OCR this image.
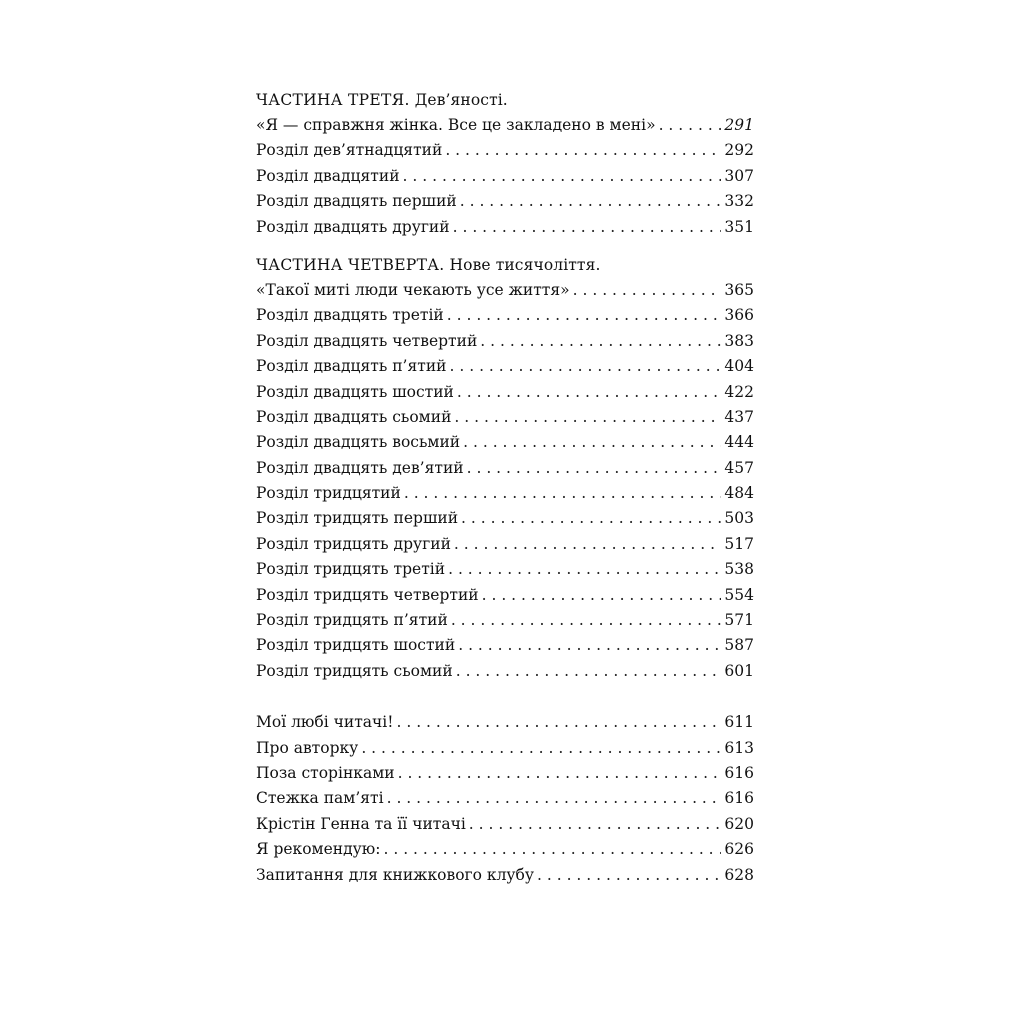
ЧАСТИНА ТРЕТЯ. Дев’яності.
«Я — справжня жінка. Все це закладено в мені» . . .	291
Розділ дев’ятнадцятий . . .	292
Розділ двадцятий . . .	307
Розділ двадцять перший . . .	332
Розділ двадцять другий . . .	351
ЧАСТИНА ЧЕТВЕРТА. Нове тисячоліття.
«Такої миті люди чекають усе життя» . . .	365
Розділ двадцять третій . . .	366
Розділ двадцять четвертий . . .	383
Розділ двадцять п’ятий . . .	404
Розділ двадцять шостий . . .	422
Розділ двадцять сьомий . . .	437
Розділ двадцять восьмий . . .	444
Розділ двадцять дев’ятий . . .	457
Розділ тридцятий . . .	484
Розділ тридцять перший . . .	503
Розділ тридцять другий . . .	517
Розділ тридцять третій . . .	538
Розділ тридцять четвертий . . .	554
Розділ тридцять п’ятий . . .	571
Розділ тридцять шостий . . .	587
Розділ тридцять сьомий . . .	601
Мої любі читачі! . . .	611
Про авторку . . .	613
Поза сторінками . . .	616
Стежка пам’яті . . .	616
Крістін Генна та її читачі . . .	620
Я рекомендую: . . .	626
Запитання для книжкового клубу . . .	628
